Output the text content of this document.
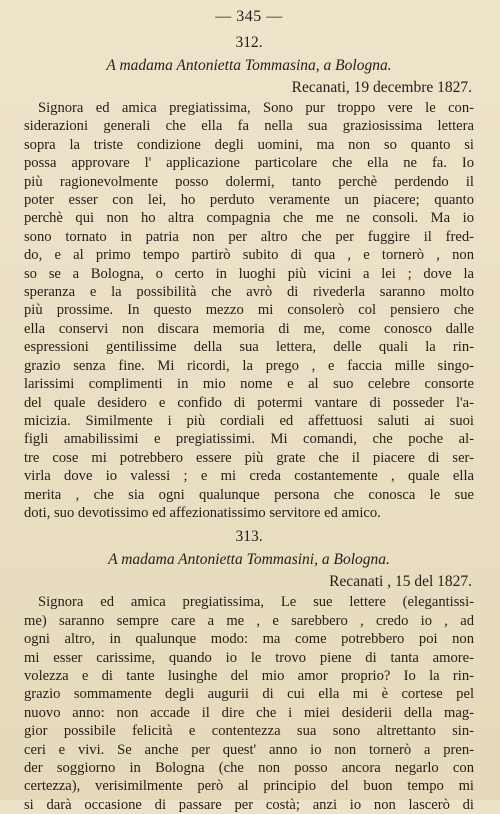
— 345 —
312.
A madama Antonietta Tommasina, a Bologna.
Recanati, 19 decembre 1827.
Signora ed amica pregiatissima, Sono pur troppo vere le con-
siderazioni generali che ella fa nella sua graziosissima lettera
sopra la triste condizione degli uomini, ma non so quanto si
possa approvare l' applicazione particolare che ella ne fa. Io
più ragionevolmente posso dolermi, tanto perchè perdendo il
poter esser con lei, ho perduto veramente un piacere; quanto
perchè qui non ho altra compagnia che me ne consoli. Ma io
sono tornato in patria non per altro che per fuggire il fred-
do, e al primo tempo partirò subito di qua , e tornerò , non
so se a Bologna, o certo in luoghi più vicini a lei ; dove la
speranza e la possibilità che avrò di rivederla saranno molto
più prossime. In questo mezzo mi consolerò col pensiero che
ella conservi non discara memoria di me, come conosco dalle
espressioni gentilissime della sua lettera, delle quali la rin-
grazio senza fine. Mi ricordi, la prego , e faccia mille singo-
larissimi complimenti in mio nome e al suo celebre consorte
del quale desidero e confido di potermi vantare di posseder l'a-
micizia. Similmente i più cordiali ed affettuosi saluti ai suoi
figli amabilissimi e pregiatissimi. Mi comandi, che poche al-
tre cose mi potrebbero essere più grate che il piacere di ser-
virla dove io valessi ; e mi creda costantemente , quale ella
merita , che sia ogni qualunque persona che conosca le sue
doti, suo devotissimo ed affezionatissimo servitore ed amico.
313.
A madama Antonietta Tommasini, a Bologna.
Recanati , 15 del 1827.
Signora ed amica pregiatissima, Le sue lettere (elegantissi-
me) saranno sempre care a me , e sarebbero , credo io , ad
ogni altro, in qualunque modo: ma come potrebbero poi non
mi esser carissime, quando io le trovo piene di tanta amore-
volezza e di tante lusinghe del mio amor proprio? Io la rin-
grazio sommamente degli augurii di cui ella mi è cortese pel
nuovo anno: non accade il dire che i miei desiderii della mag-
gior possibile felicità e contentezza sua sono altrettanto sin-
ceri e vivi. Se anche per quest' anno io non tornerò a pren-
der soggiorno in Bologna (che non posso ancora negarlo con
certezza), verisimilmente però al principio del buon tempo mi
si darà occasione di passare per costà; anzi io non lascerò di
